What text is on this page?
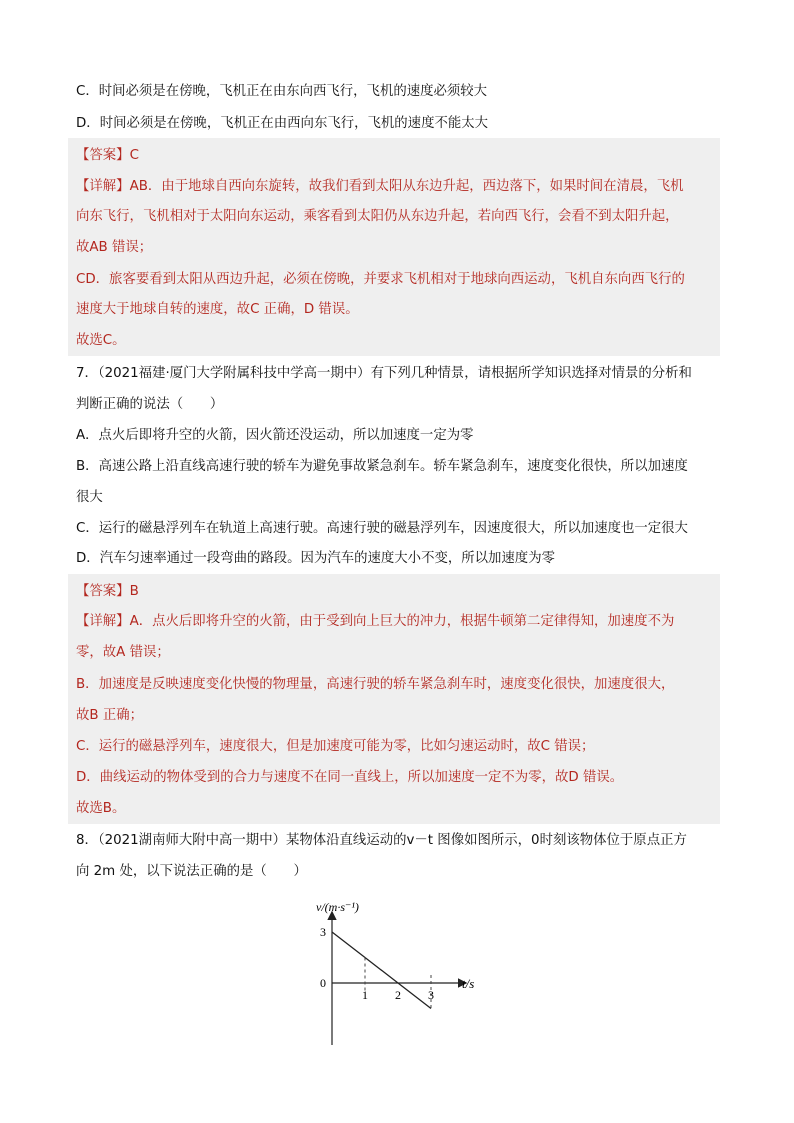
C．时间必须是在傍晚，飞机正在由东向西飞行，飞机的速度必须较大
D．时间必须是在傍晚，飞机正在由西向东飞行，飞机的速度不能太大
【答案】C
【详解】AB．由于地球自西向东旋转，故我们看到太阳从东边升起，西边落下，如果时间在清晨，飞机
向东飞行，飞机相对于太阳向东运动，乘客看到太阳仍从东边升起，若向西飞行，会看不到太阳升起，
故AB 错误；
CD．旅客要看到太阳从西边升起，必须在傍晚，并要求飞机相对于地球向西运动，飞机自东向西飞行的
速度大于地球自转的速度，故C 正确，D 错误。
故选C。
7．（2021福建·厦门大学附属科技中学高一期中）有下列几种情景，请根据所学知识选择对情景的分析和
判断正确的说法（　　）
A．点火后即将升空的火箭，因火箭还没运动，所以加速度一定为零
B．高速公路上沿直线高速行驶的轿车为避免事故紧急刹车。轿车紧急刹车，速度变化很快，所以加速度
很大
C．运行的磁悬浮列车在轨道上高速行驶。高速行驶的磁悬浮列车，因速度很大，所以加速度也一定很大
D．汽车匀速率通过一段弯曲的路段。因为汽车的速度大小不变，所以加速度为零
【答案】B
【详解】A．点火后即将升空的火箭，由于受到向上巨大的冲力，根据牛顿第二定律得知，加速度不为
零，故A 错误；
B．加速度是反映速度变化快慢的物理量，高速行驶的轿车紧急刹车时，速度变化很快，加速度很大，
故B 正确；
C．运行的磁悬浮列车，速度很大，但是加速度可能为零，比如匀速运动时，故C 错误；
D．曲线运动的物体受到的合力与速度不在同一直线上，所以加速度一定不为零，故D 错误。
故选B。
8．（2021湖南师大附中高一期中）某物体沿直线运动的v－t 图像如图所示，0时刻该物体位于原点正方
向 2m 处，以下说法正确的是（　　）
v/(m·s⁻¹)
t/s
0
1 2 3
3
